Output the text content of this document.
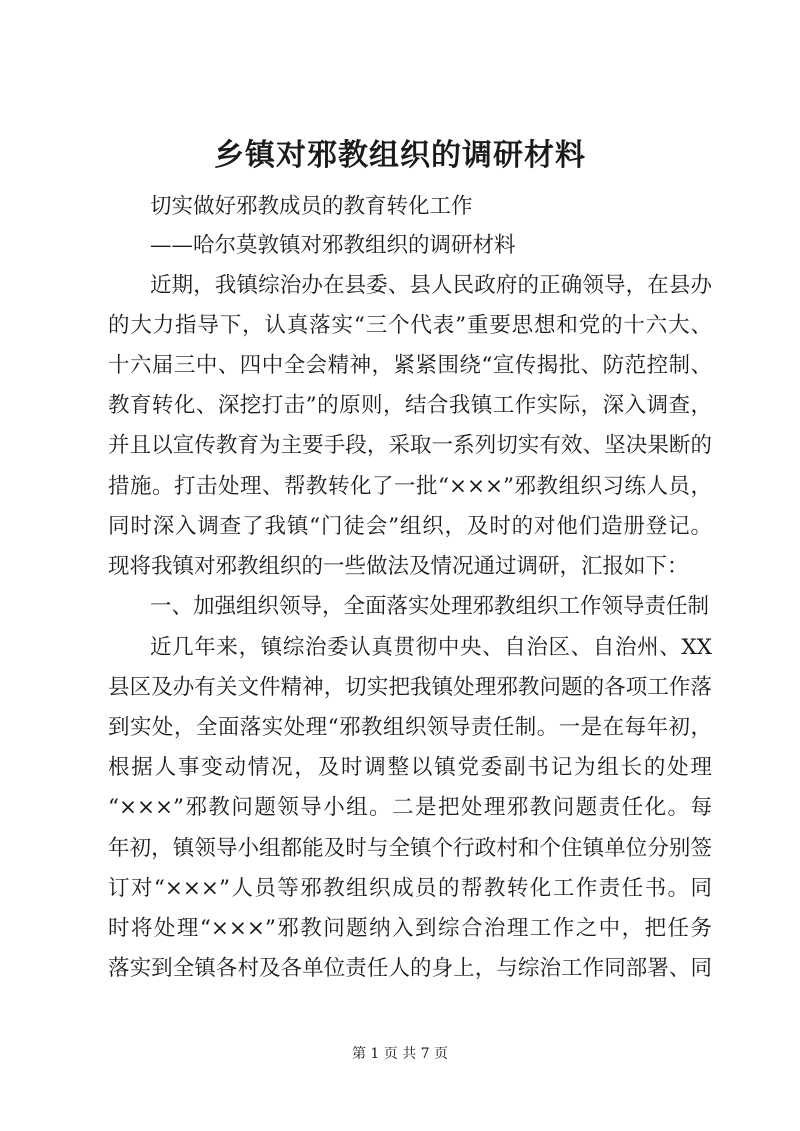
乡镇对邪教组织的调研材料
切实做好邪教成员的教育转化工作
——哈尔莫敦镇对邪教组织的调研材料
近期，我镇综治办在县委、县人民政府的正确领导，在县办
的大力指导下，认真落实“三个代表”重要思想和党的十六大、
十六届三中、四中全会精神，紧紧围绕“宣传揭批、防范控制、
教育转化、深挖打击”的原则，结合我镇工作实际，深入调查，
并且以宣传教育为主要手段，采取一系列切实有效、坚决果断的
措施。打击处理、帮教转化了一批“×××”邪教组织习练人员，
同时深入调查了我镇“门徒会”组织，及时的对他们造册登记。
现将我镇对邪教组织的一些做法及情况通过调研，汇报如下：
一、加强组织领导，全面落实处理邪教组织工作领导责任制
近几年来，镇综治委认真贯彻中央、自治区、自治州、XX
县区及办有关文件精神，切实把我镇处理邪教问题的各项工作落
到实处，全面落实处理“邪教组织领导责任制。一是在每年初，
根据人事变动情况，及时调整以镇党委副书记为组长的处理
“×××”邪教问题领导小组。二是把处理邪教问题责任化。每
年初，镇领导小组都能及时与全镇个行政村和个住镇单位分别签
订对“×××”人员等邪教组织成员的帮教转化工作责任书。同
时将处理“×××”邪教问题纳入到综合治理工作之中，把任务
落实到全镇各村及各单位责任人的身上，与综治工作同部署、同
第 1 页 共 7 页
